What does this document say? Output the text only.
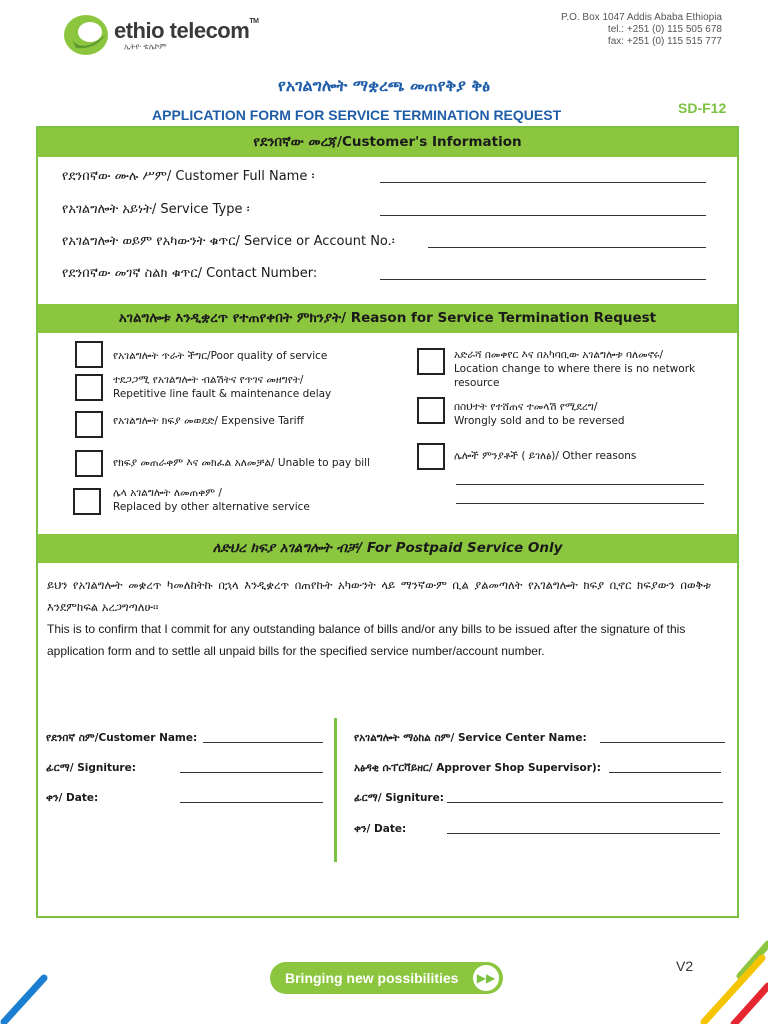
ethio telecom™
ኢትዮ ቴሌኮም
P.O. Box 1047 Addis Ababa Ethiopia
tel.: +251 (0) 115 505 678
fax: +251 (0) 115 515 777
የአገልግሎት ማቋረጫ መጠየቅያ ቅፅ
APPLICATION FORM FOR SERVICE TERMINATION REQUEST	SD-F12
የደንበኛው መረጃ/Customer's Information
የደንበኛው ሙሉ ሥም/ Customer Full Name ፡
የአገልግሎት አይነት/ Service Type ፡
የአገልግሎት ወይም የአካውንት ቁጥር/ Service or Account No.፡
የደንበኛው መገኛ ስልክ ቁጥር/ Contact Number:
አገልግሎቱ እንዲቋረጥ የተጠየቀበት ምክንያት/ Reason for Service Termination Request
የአገልግሎት ጥራት ችግር/Poor quality of service
ተደጋጋሚ የአገልግሎት ብልሽትና የጥገና መዘግየት/
Repetitive line fault & maintenance delay
የአገልግሎት ክፍያ መወደድ/ Expensive Tariff
የክፍያ መጠራቀም እና መክፈል አለመቻል/ Unable to pay bill
ሌላ አገልግሎት ለመጠቀም /
Replaced by other alternative service
አድራሻ በመቀየር እና በአካባቢው አገልግሎቱ ባለመኖሩ/
Location change to where there is no network
resource
በስህተት የተሸጠና ተመላሽ የሚደረግ/
Wrongly sold and to be reversed
ሌሎች ምንያቶች ( ይገለፅ)/ Other reasons
ለድህረ ክፍያ አገልግሎት ብቻ/ For Postpaid Service Only
ይህን የአገልግሎት መቋረጥ ካመለከትኩ በኋላ እንዲቋረጥ በጠየኩት አካውንት ላይ ማንኛውም ቢል ያልመጣለት የአገልግሎት ክፍያ ቢኖር ክፍያውን በወቅቱ እንደምከፍል አረጋግጣለሁ፡፡
This is to confirm that I commit for any outstanding balance of bills and/or any bills to be issued after the signature of this application form and to settle all unpaid bills for the specified service number/account number.
የደንበኛ ስም/Customer Name:
ፊርማ/ Signiture:
ቀን/ Date:
የአገልግሎት ማዕከል ስም/ Service Center Name:
አፅዳቂ ሱፐርቫይዘር/ Approver Shop Supervisor):
ፊርማ/ Signiture:
ቀን/ Date:
Bringing new possibilities	▶▶
V2
